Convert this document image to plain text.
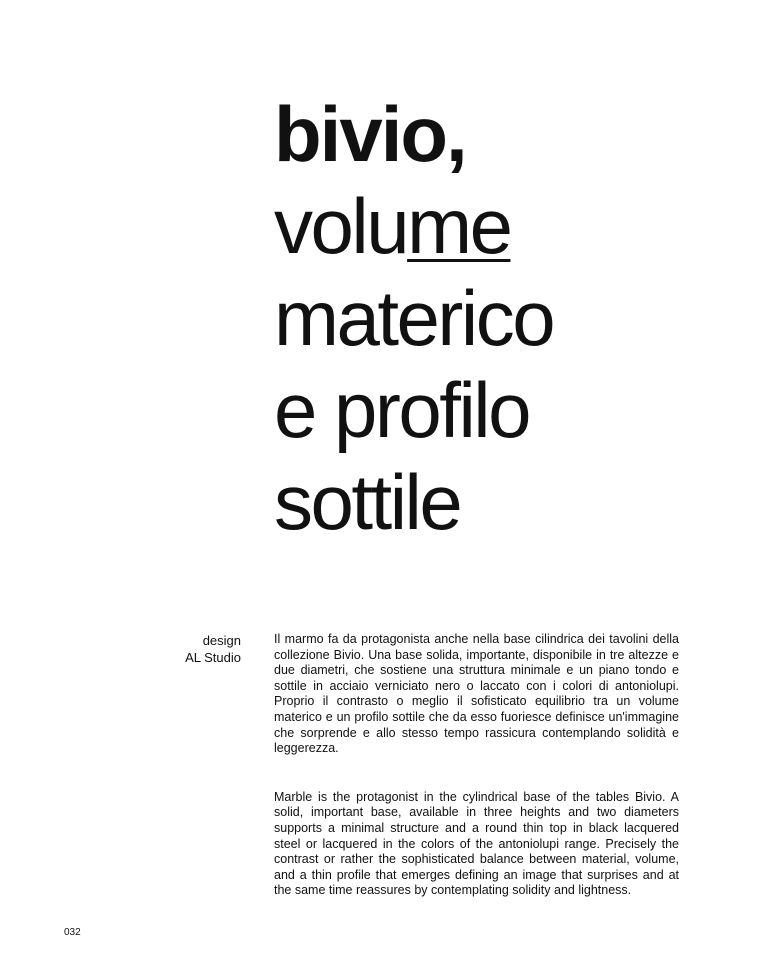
bivio,
volume
materico
e profilo
sottile
design
AL Studio

Il marmo fa da protagonista anche nella base cilindrica dei tavolini della collezione Bivio. Una base solida, importante, disponibile in tre altezze e due diametri, che sostiene una struttura minimale e un piano tondo e sottile in acciaio verniciato nero o laccato con i colori di antoniolupi. Proprio il contrasto o meglio il sofisticato equilibrio tra un volume materico e un profilo sottile che da esso fuoriesce definisce un'immagine che sorprende e allo stesso tempo rassicura contemplando solidità e leggerezza.

Marble is the protagonist in the cylindrical base of the tables Bivio. A solid, important base, available in three heights and two diameters supports a minimal structure and a round thin top in black lacquered steel or lacquered in the colors of the antoniolupi range. Precisely the contrast or rather the sophisticated balance between material, volume, and a thin profile that emerges defining an image that surprises and at the same time reassures by contemplating solidity and lightness.

032
